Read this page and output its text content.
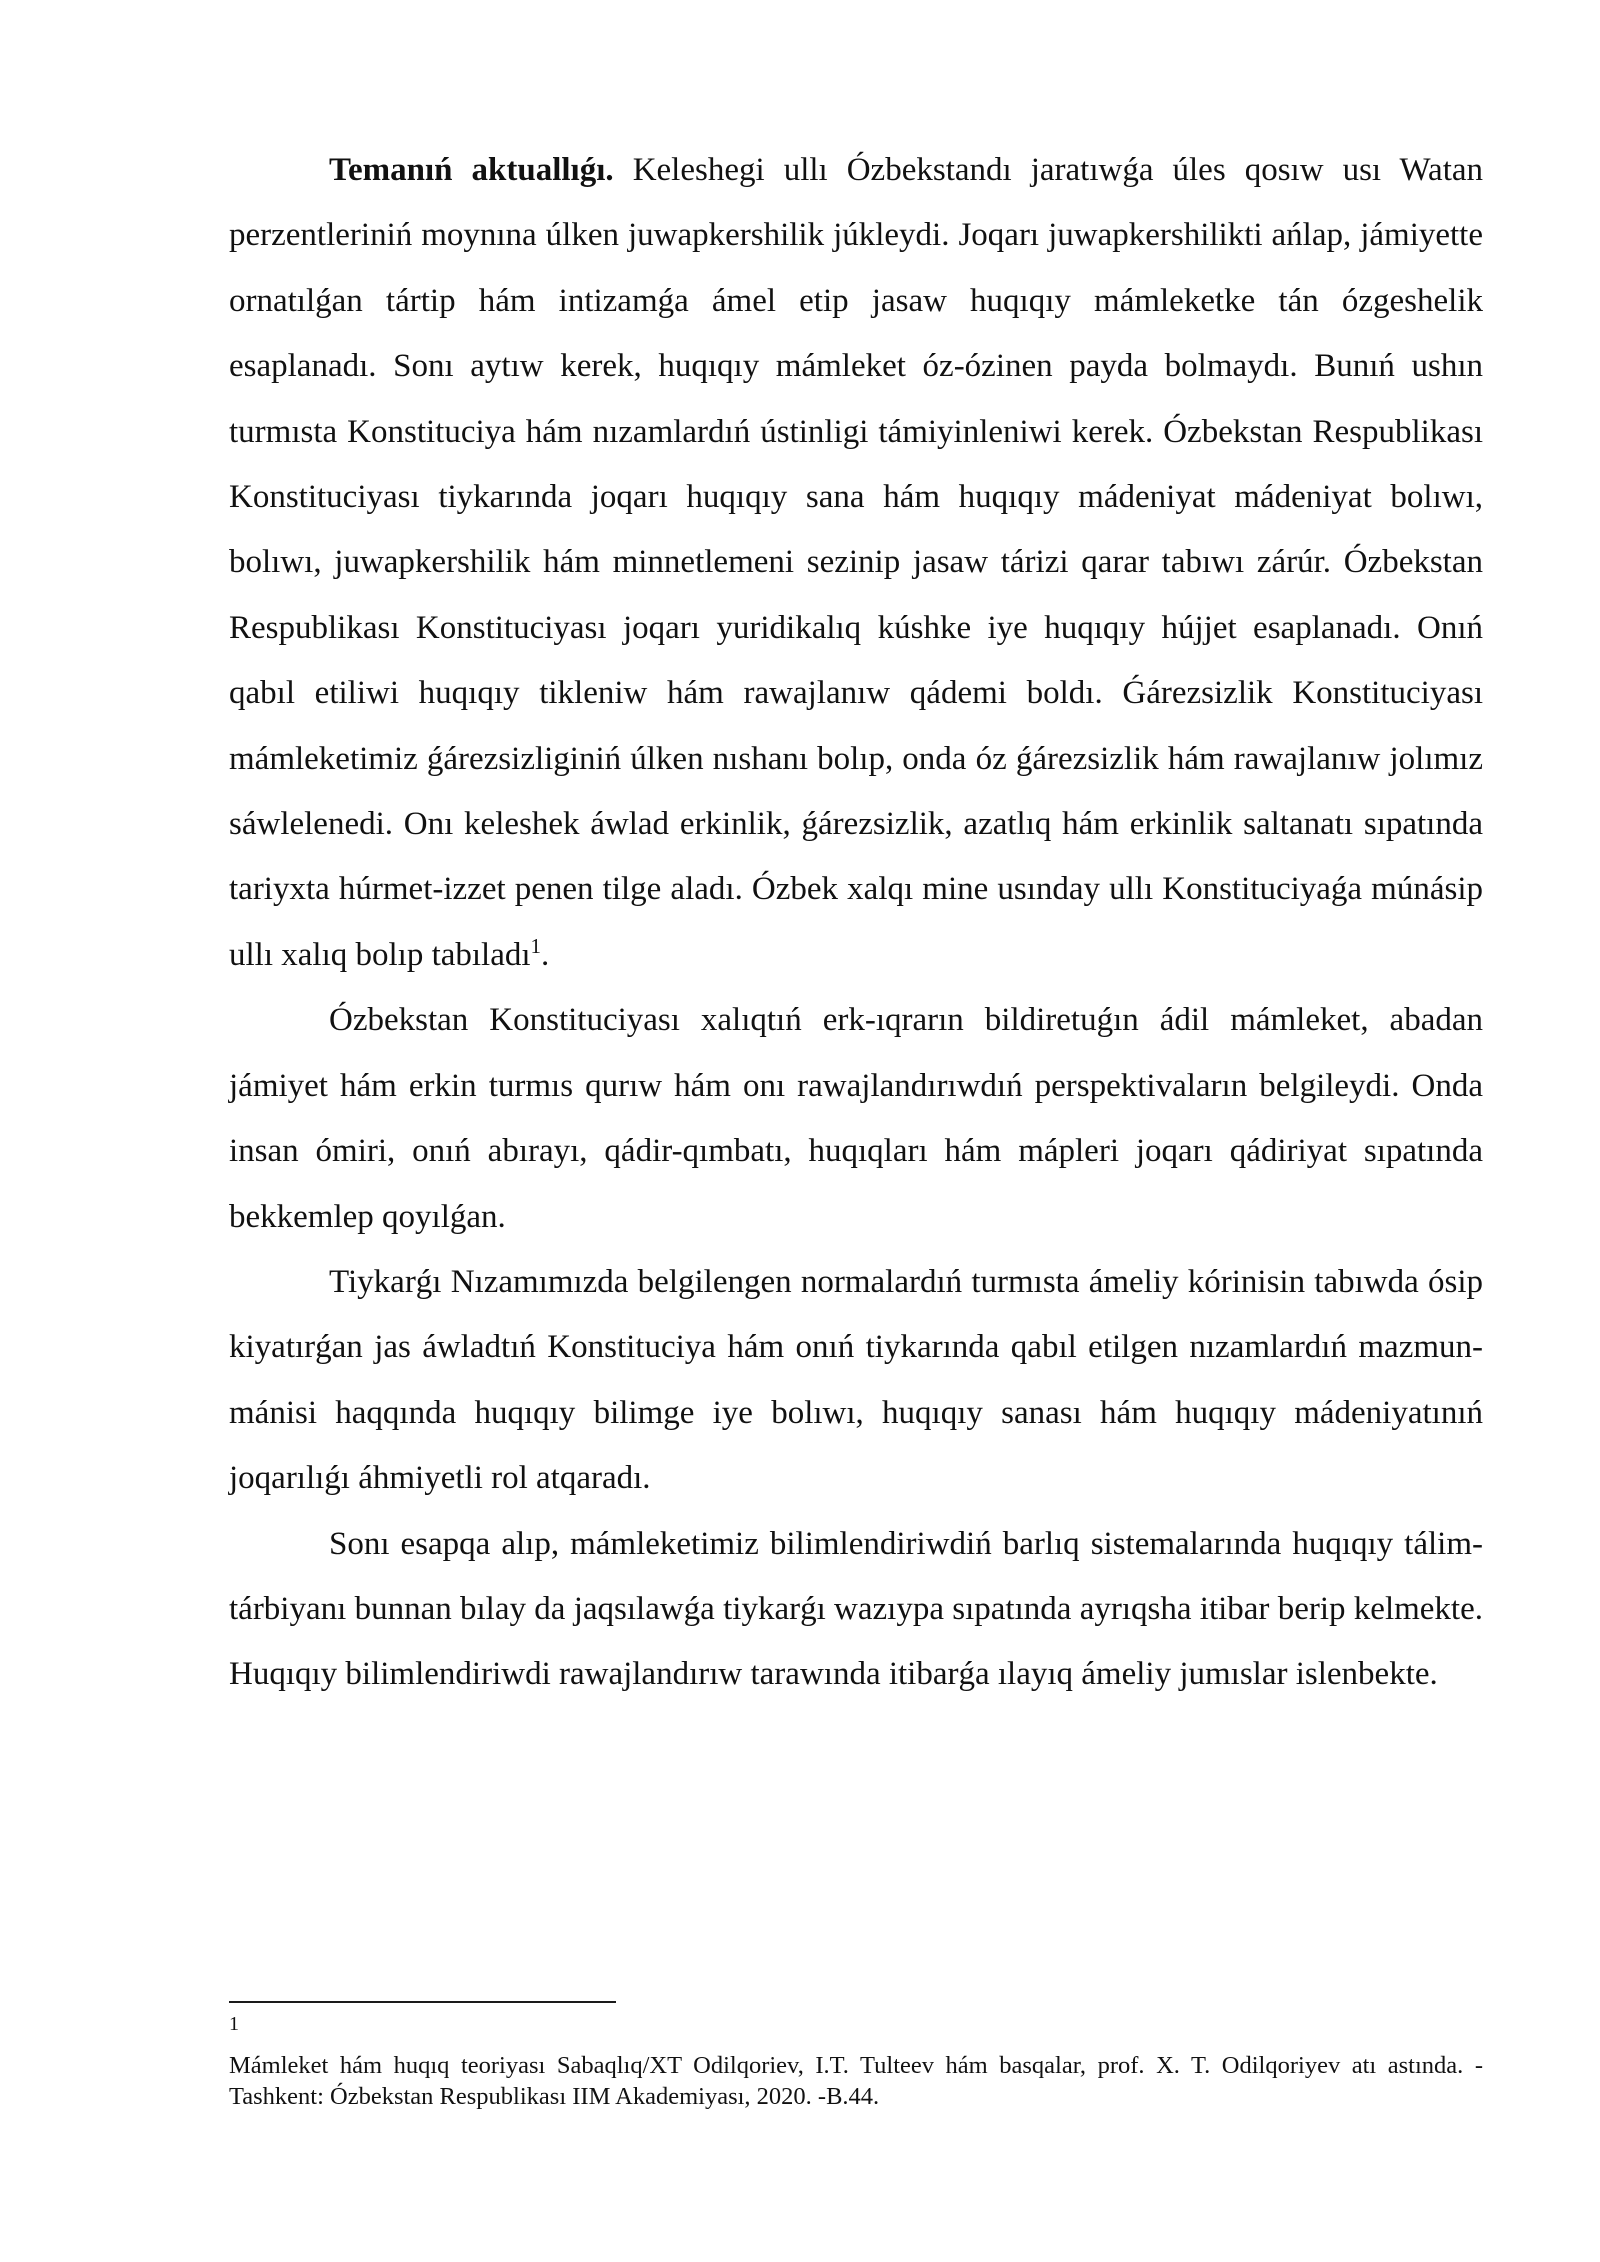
Temanıń aktuallıǵı. Keleshegi ullı Ózbekstandı jaratıwǵa úles qosıw usı Watan perzentleriniń moynına úlken juwapkershilik júkleydi. Joqarı juwapkershilikti ańlap, jámiyette ornatılǵan tártip hám intizamǵa ámel etip jasaw huqıqıy mámleketke tán ózgeshelik esaplanadı. Sonı aytıw kerek, huqıqıy mámleket óz-ózinen payda bolmaydı. Bunıń ushın turmısta Konstituciya hám nızamlardıń ústinligi támiyinleniwi kerek. Ózbekstan Respublikası Konstituciyası tiykarında joqarı huqıqıy sana hám huqıqıy mádeniyat mádeniyat bolıwı, bolıwı, juwapkershilik hám minnetlemeni sezinip jasaw tárizi qarar tabıwı zárúr. Ózbekstan Respublikası Konstituciyası joqarı yuridikalıq kúshke iye huqıqıy hújjet esaplanadı. Onıń qabıl etiliwi huqıqıy tikleniw hám rawajlanıw qádemi boldı. Ǵárezsizlik Konstituciyası mámleketimiz ǵárezsizliginiń úlken nıshanı bolıp, onda óz ǵárezsizlik hám rawajlanıw jolımız sáwlelenedi. Onı keleshek áwlad erkinlik, ǵárezsizlik, azatlıq hám erkinlik saltanatı sıpatında tariyxta húrmet-izzet penen tilge aladı. Ózbek xalqı mine usınday ullı Konstituciyaǵa múnásip ullı xalıq bolıp tabıladı$^1$.

Ózbekstan Konstituciyası xalıqtıń erk-ıqrarın bildiretuǵın ádil mámleket, abadan jámiyet hám erkin turmıs qurıw hám onı rawajlandırıwdıń perspektivaların belgileydi. Onda insan ómiri, onıń abırayı, qádir-qımbatı, huqıqları hám mápleri joqarı qádiriyat sıpatında bekkemlep qoyılǵan.

Tiykarǵı Nızamımızda belgilengen normalardıń turmısta ámeliy kórinisin tabıwda ósip kiyatırǵan jas áwladtıń Konstituciya hám onıń tiykarında qabıl etilgen nızamlardıń mazmun-mánisi haqqında huqıqıy bilimge iye bolıwı, huqıqıy sanası hám huqıqıy mádeniyatınıń joqarılıǵı áhmiyetli rol atqaradı.

Sonı esapqa alıp, mámleketimiz bilimlendiriwdiń barlıq sistemalarında huqıqıy tálim-tárbiyanı bunnan bılay da jaqsılawǵa tiykarǵı wazıypa sıpatında ayrıqsha itibar berip kelmekte. Huqıqıy bilimlendiriwdi rawajlandırıw tarawında itibarǵa ılayıq ámeliy jumıslar islenbekte.

1
Mámleket hám huqıq teoriyası Sabaqlıq/XT Odilqoriev, I.T. Tulteev hám basqalar, prof. X. T. Odilqoriyev atı astında. - Tashkent: Ózbekstan Respublikası IIM Akademiyası, 2020. -B.44.
